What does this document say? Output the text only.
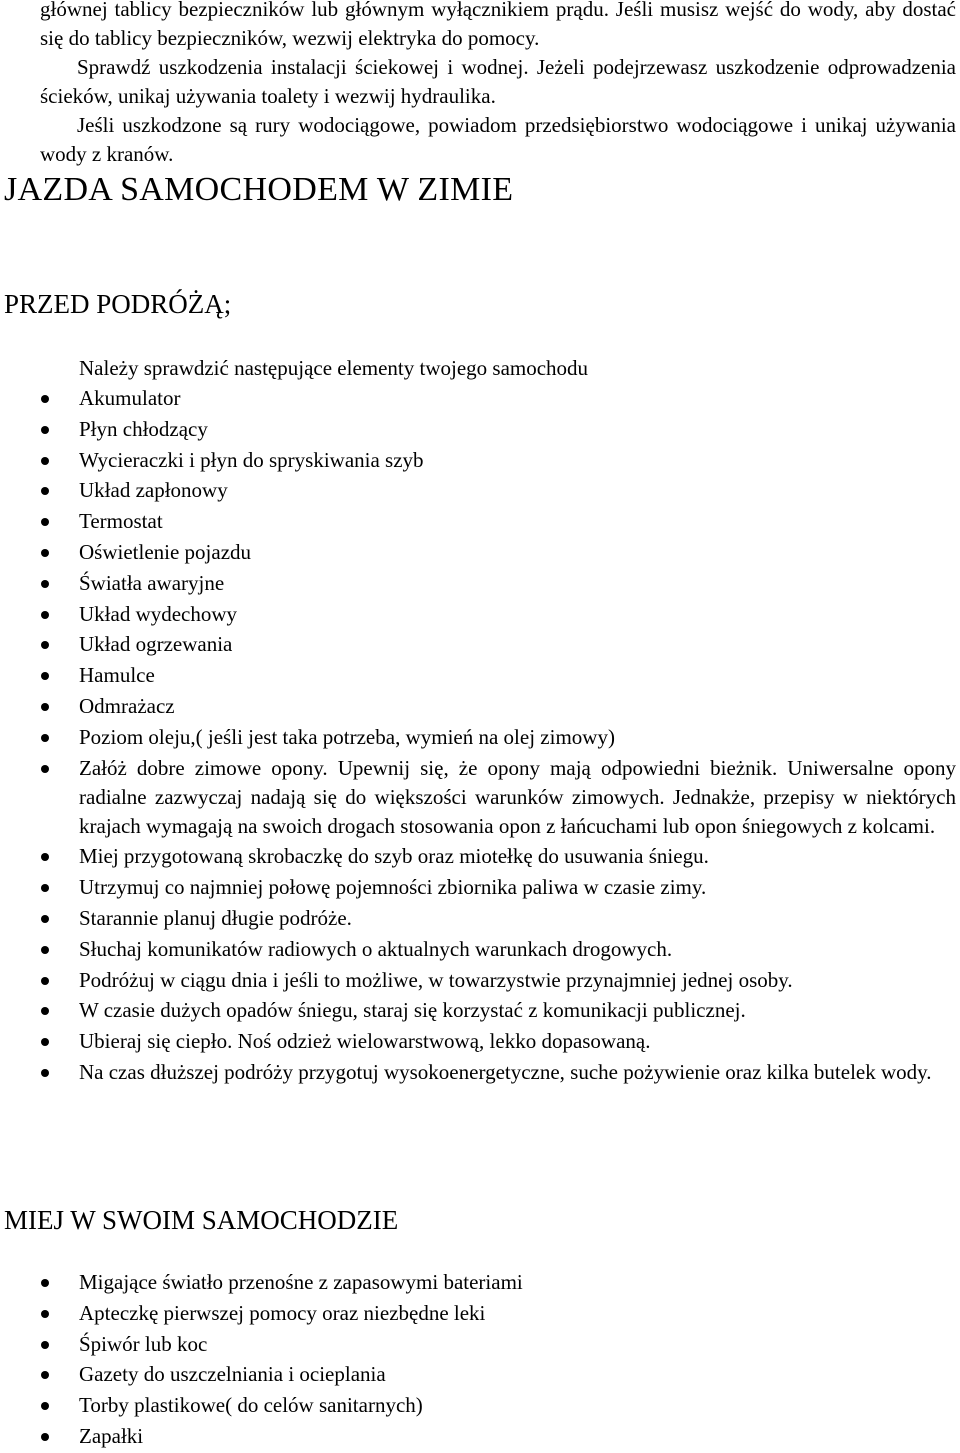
głównej tablicy bezpieczników lub głównym wyłącznikiem prądu. Jeśli musisz wejść do wody, aby dostać się do tablicy bezpieczników, wezwij elektryka do pomocy.
Sprawdź uszkodzenia instalacji ściekowej i wodnej. Jeżeli podejrzewasz uszkodzenie odprowadzenia ścieków, unikaj używania toalety i wezwij hydraulika.
Jeśli uszkodzone są rury wodociągowe, powiadom przedsiębiorstwo wodociągowe i unikaj używania wody z kranów.
JAZDA SAMOCHODEM W ZIMIE
PRZED PODRÓŻĄ;
Należy sprawdzić następujące elementy twojego samochodu
Akumulator
Płyn chłodzący
Wycieraczki i płyn do spryskiwania szyb
Układ zapłonowy
Termostat
Oświetlenie pojazdu
Światła awaryjne
Układ wydechowy
Układ ogrzewania
Hamulce
Odmrażacz
Poziom oleju,( jeśli jest taka potrzeba, wymień na olej zimowy)
Załóż dobre zimowe opony. Upewnij się, że opony mają odpowiedni bieżnik. Uniwersalne opony radialne zazwyczaj nadają się do większości warunków zimowych. Jednakże, przepisy w niektórych krajach wymagają na swoich drogach stosowania opon z łańcuchami lub opon śniegowych z kolcami.
Miej przygotowaną skrobaczkę do szyb oraz miotełkę do usuwania śniegu.
Utrzymuj co najmniej połowę pojemności zbiornika paliwa w czasie zimy.
Starannie planuj długie podróże.
Słuchaj komunikatów radiowych o aktualnych warunkach drogowych.
Podróżuj w ciągu dnia i jeśli to możliwe, w towarzystwie przynajmniej jednej osoby.
W czasie dużych opadów śniegu, staraj się korzystać z komunikacji publicznej.
Ubieraj się ciepło. Noś odzież wielowarstwową, lekko dopasowaną.
Na czas dłuższej podróży przygotuj wysokoenergetyczne, suche pożywienie oraz kilka butelek wody.
MIEJ W SWOIM SAMOCHODZIE
Migające światło przenośne z zapasowymi bateriami
Apteczkę pierwszej pomocy oraz niezbędne leki
Śpiwór lub koc
Gazety do uszczelniania i ocieplania
Torby plastikowe( do celów sanitarnych)
Zapałki
